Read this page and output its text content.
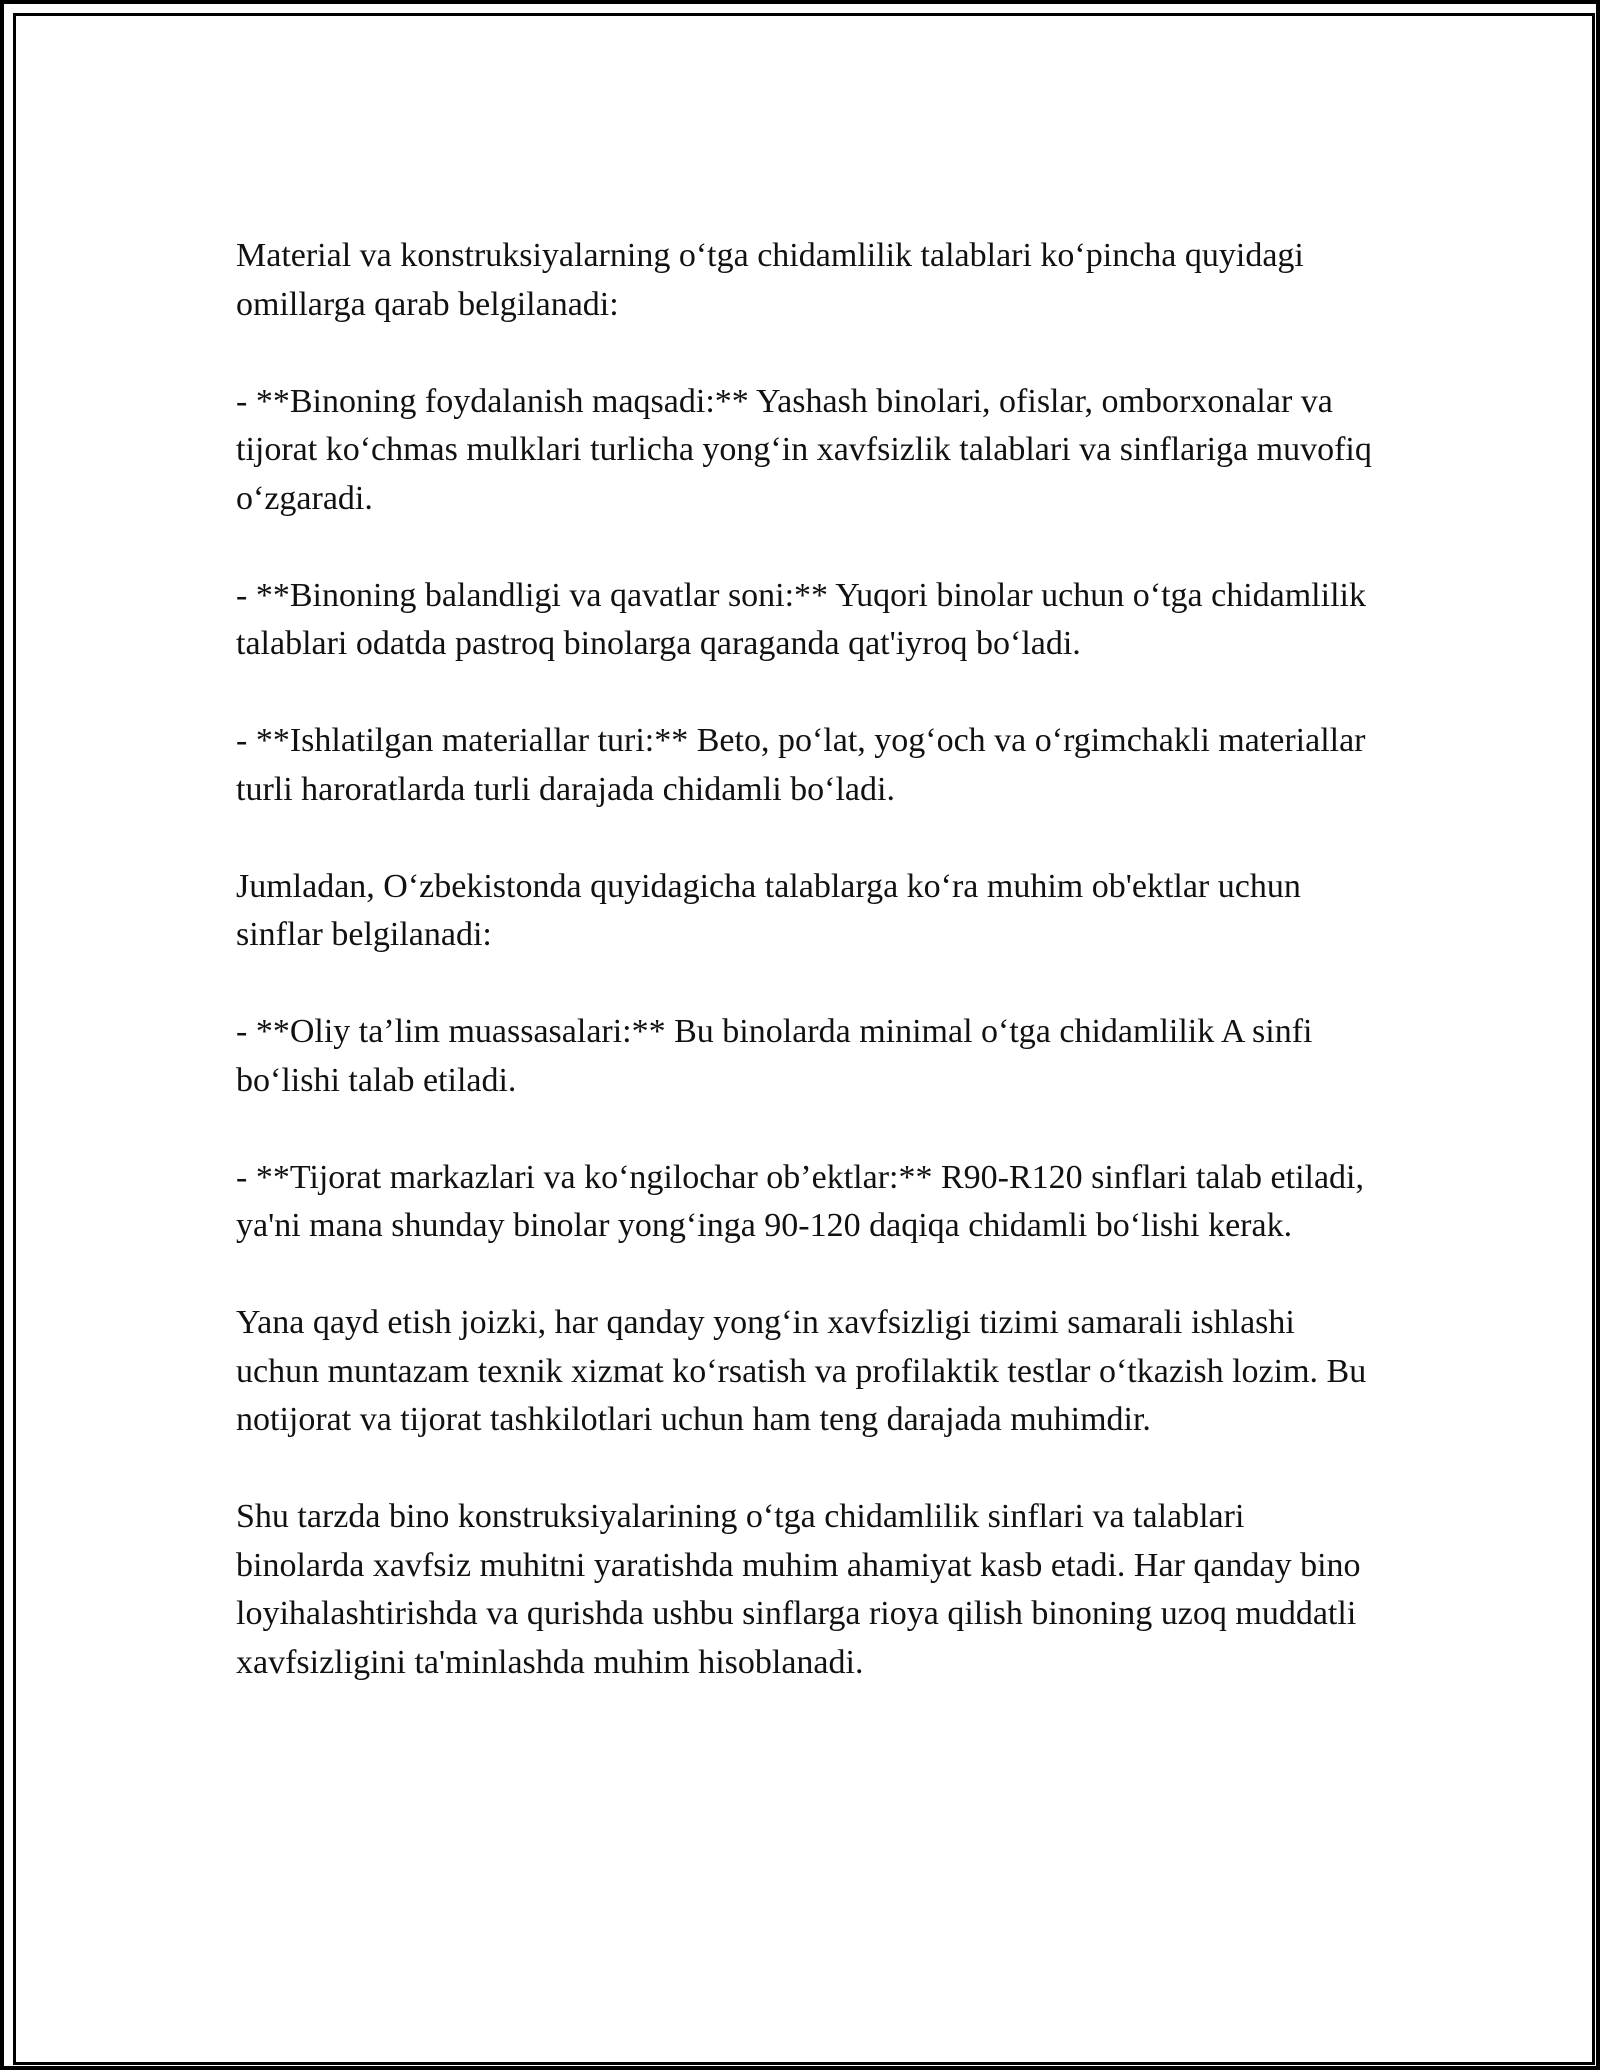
Material va konstruksiyalarning o‘tga chidamlilik talablari ko‘pincha quyidagi omillarga qarab belgilanadi:

- **Binoning foydalanish maqsadi:** Yashash binolari, ofislar, omborxonalar va tijorat ko‘chmas mulklari turlicha yong‘in xavfsizlik talablari va sinflariga muvofiq o‘zgaradi.

- **Binoning balandligi va qavatlar soni:** Yuqori binolar uchun o‘tga chidamlilik talablari odatda pastroq binolarga qaraganda qat'iyroq bo‘ladi.

- **Ishlatilgan materiallar turi:** Beto, po‘lat, yog‘och va o‘rgimchakli materiallar turli haroratlarda turli darajada chidamli bo‘ladi.

Jumladan, O‘zbekistonda quyidagicha talablarga ko‘ra muhim ob'ektlar uchun sinflar belgilanadi:

- **Oliy ta’lim muassasalari:** Bu binolarda minimal o‘tga chidamlilik A sinfi bo‘lishi talab etiladi.

- **Tijorat markazlari va ko‘ngilochar ob’ektlar:** R90-R120 sinflari talab etiladi, ya'ni mana shunday binolar yong‘inga 90-120 daqiqa chidamli bo‘lishi kerak.

Yana qayd etish joizki, har qanday yong‘in xavfsizligi tizimi samarali ishlashi uchun muntazam texnik xizmat ko‘rsatish va profilaktik testlar o‘tkazish lozim. Bu notijorat va tijorat tashkilotlari uchun ham teng darajada muhimdir.

Shu tarzda bino konstruksiyalarining o‘tga chidamlilik sinflari va talablari binolarda xavfsiz muhitni yaratishda muhim ahamiyat kasb etadi. Har qanday bino loyihalashtirishda va qurishda ushbu sinflarga rioya qilish binoning uzoq muddatli xavfsizligini ta'minlashda muhim hisoblanadi.
